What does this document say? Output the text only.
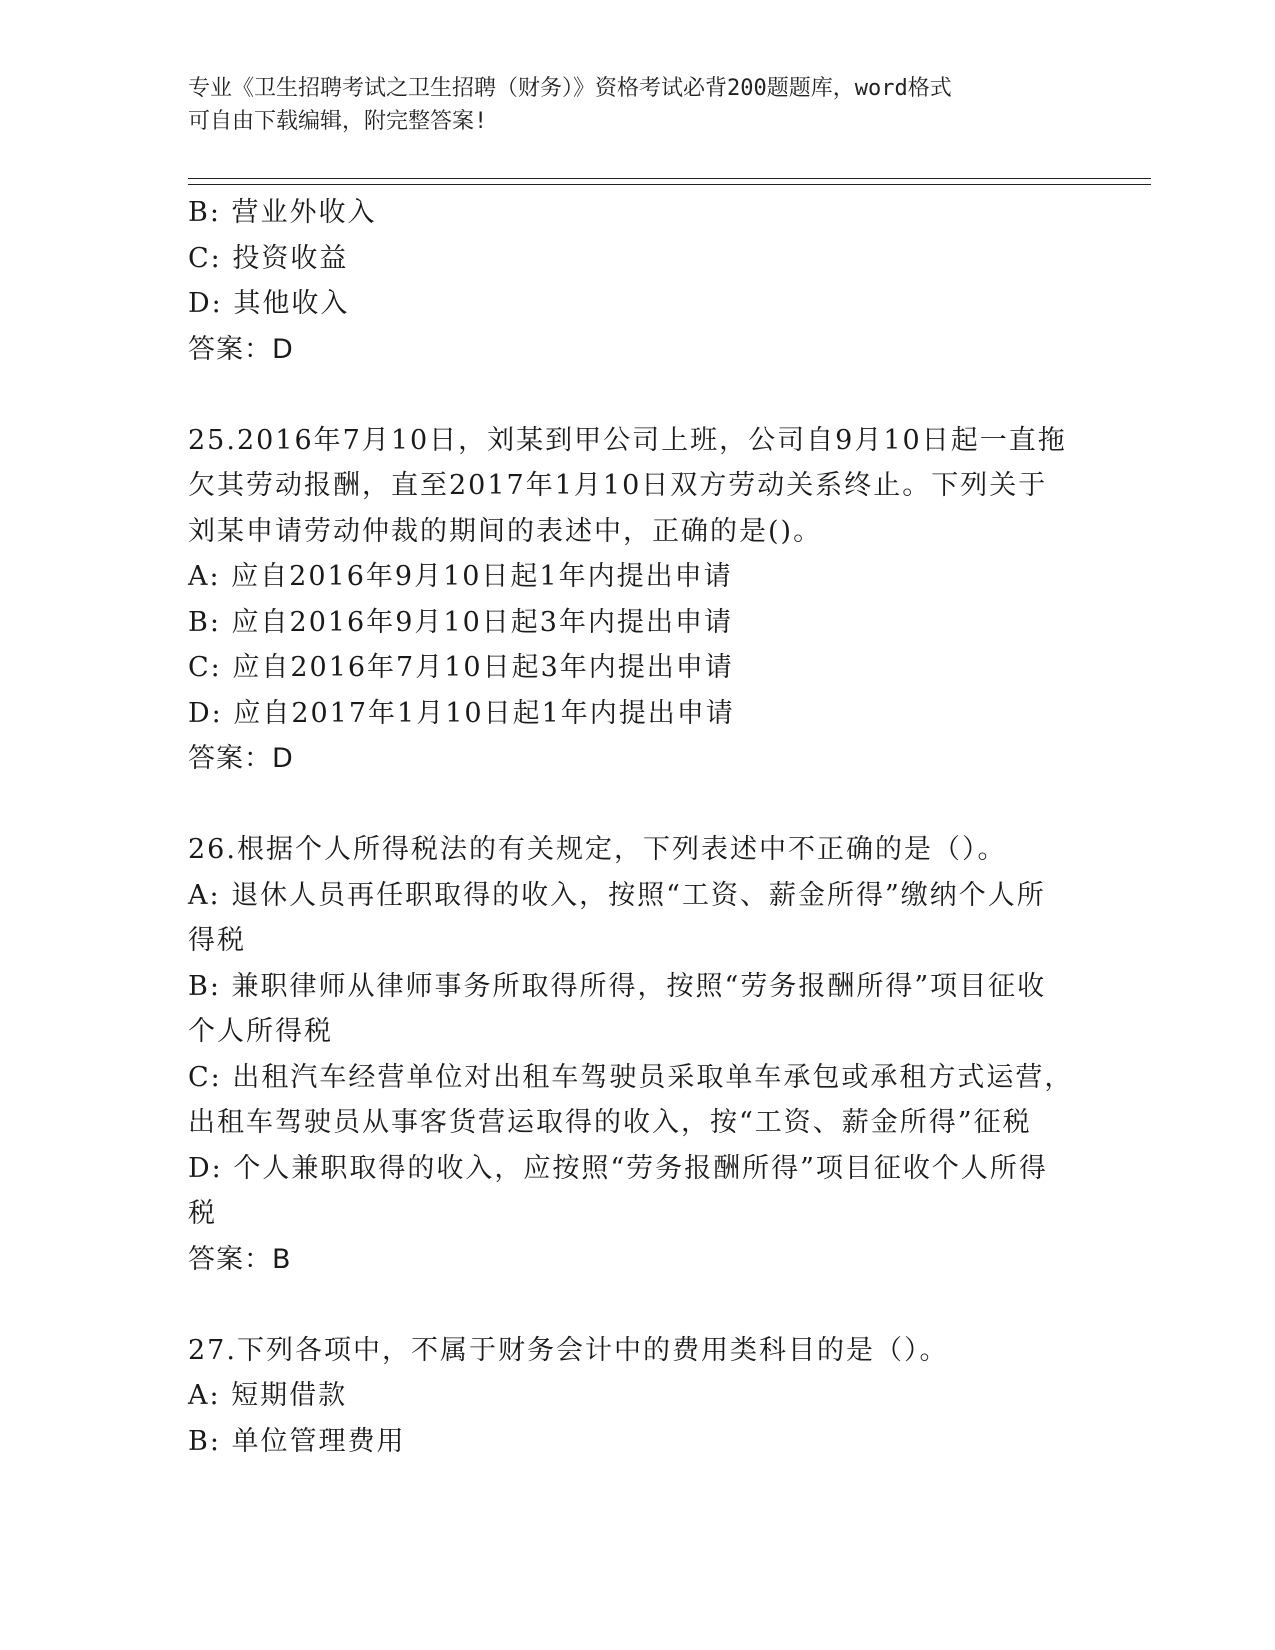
专业《卫生招聘考试之卫生招聘（财务）》资格考试必背200题题库，word格式
可自由下载编辑，附完整答案!
B: 营业外收入
C: 投资收益
D: 其他收入
答案：D
25.2016年7月10日，刘某到甲公司上班，公司自9月10日起一直拖
欠其劳动报酬，直至2017年1月10日双方劳动关系终止。下列关于
刘某申请劳动仲裁的期间的表述中，正确的是()。
A: 应自2016年9月10日起1年内提出申请
B: 应自2016年9月10日起3年内提出申请
C: 应自2016年7月10日起3年内提出申请
D: 应自2017年1月10日起1年内提出申请
答案：D
26.根据个人所得税法的有关规定，下列表述中不正确的是（）。
A: 退休人员再任职取得的收入，按照“工资、薪金所得”缴纳个人所
得税
B: 兼职律师从律师事务所取得所得，按照“劳务报酬所得”项目征收
个人所得税
C: 出租汽车经营单位对出租车驾驶员采取单车承包或承租方式运营，
出租车驾驶员从事客货营运取得的收入，按“工资、薪金所得”征税
D: 个人兼职取得的收入，应按照“劳务报酬所得”项目征收个人所得
税
答案：B
27.下列各项中，不属于财务会计中的费用类科目的是（）。
A: 短期借款
B: 单位管理费用
